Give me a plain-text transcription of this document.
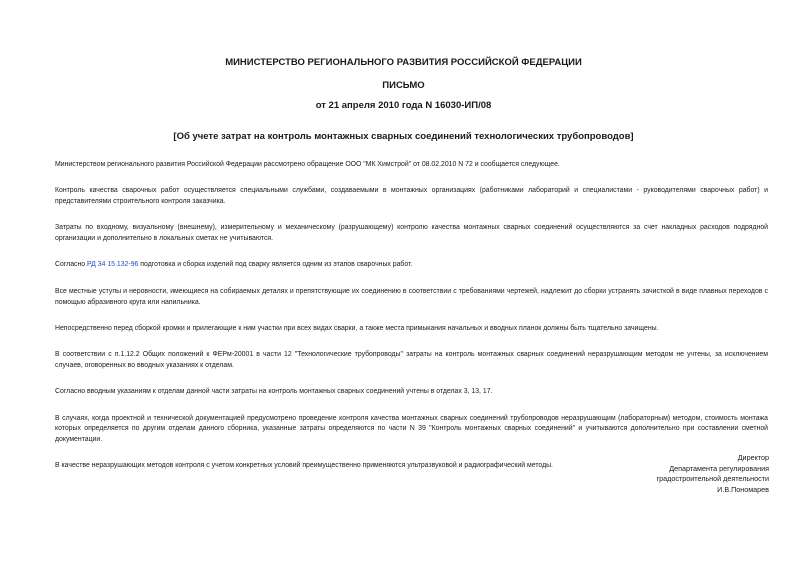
МИНИСТЕРСТВО РЕГИОНАЛЬНОГО РАЗВИТИЯ РОССИЙСКОЙ ФЕДЕРАЦИИ
ПИСЬМО
от 21 апреля 2010 года N 16030-ИП/08
[Об учете затрат на контроль монтажных сварных соединений технологических трубопроводов]

Министерством регионального развития Российской Федерации рассмотрено обращение ООО "МК Химстрой" от 08.02.2010 N 72 и сообщается следующее.

Контроль качества сварочных работ осуществляется специальными службами, создаваемыми в монтажных организациях (работниками лабораторий и специалистами - руководителями сварочных работ) и представителями строительного контроля заказчика.

Затраты по входному, визуальному (внешнему), измерительному и механическому (разрушающему) контролю качества монтажных сварных соединений осуществляются за счет накладных расходов подрядной организации и дополнительно в локальных сметах не учитываются.

Согласно РД 34 15.132-96 подготовка и сборка изделий под сварку является одним из этапов сварочных работ.

Все местные уступы и неровности, имеющиеся на собираемых деталях и препятствующие их соединению в соответствии с требованиями чертежей, надлежит до сборки устранять зачисткой в виде плавных переходов с помощью абразивного круга или напильника.

Непосредственно перед сборкой кромки и прилегающие к ним участки при всех видах сварки, а также места примыкания начальных и вводных планок должны быть тщательно зачищены.

В соответствии с п.1.12.2 Общих положений к ФЕРм-20001 в части 12 "Технологические трубопроводы" затраты на контроль монтажных сварных соединений неразрушающим методом не учтены, за исключением случаев, оговоренных во вводных указаниях к отделам.

Согласно вводным указаниям к отделам данной части затраты на контроль монтажных сварных соединений учтены в отделах 3, 13, 17.

В случаях, когда проектной и технической документацией предусмотрено проведение контроля качества монтажных сварных соединений трубопроводов неразрушающим (лабораторным) методом, стоимость монтажа которых определяется по другим отделам данного сборника, указанные затраты определяются по части N 39 "Контроль монтажных сварных соединений" и учитываются дополнительно при составлении сметной документации.

В качестве неразрушающих методов контроля с учетом конкретных условий преимущественно применяются ультразвуковой и радиографический методы.

Директор
Департамента регулирования
градостроительной деятельности
И.В.Пономарев
